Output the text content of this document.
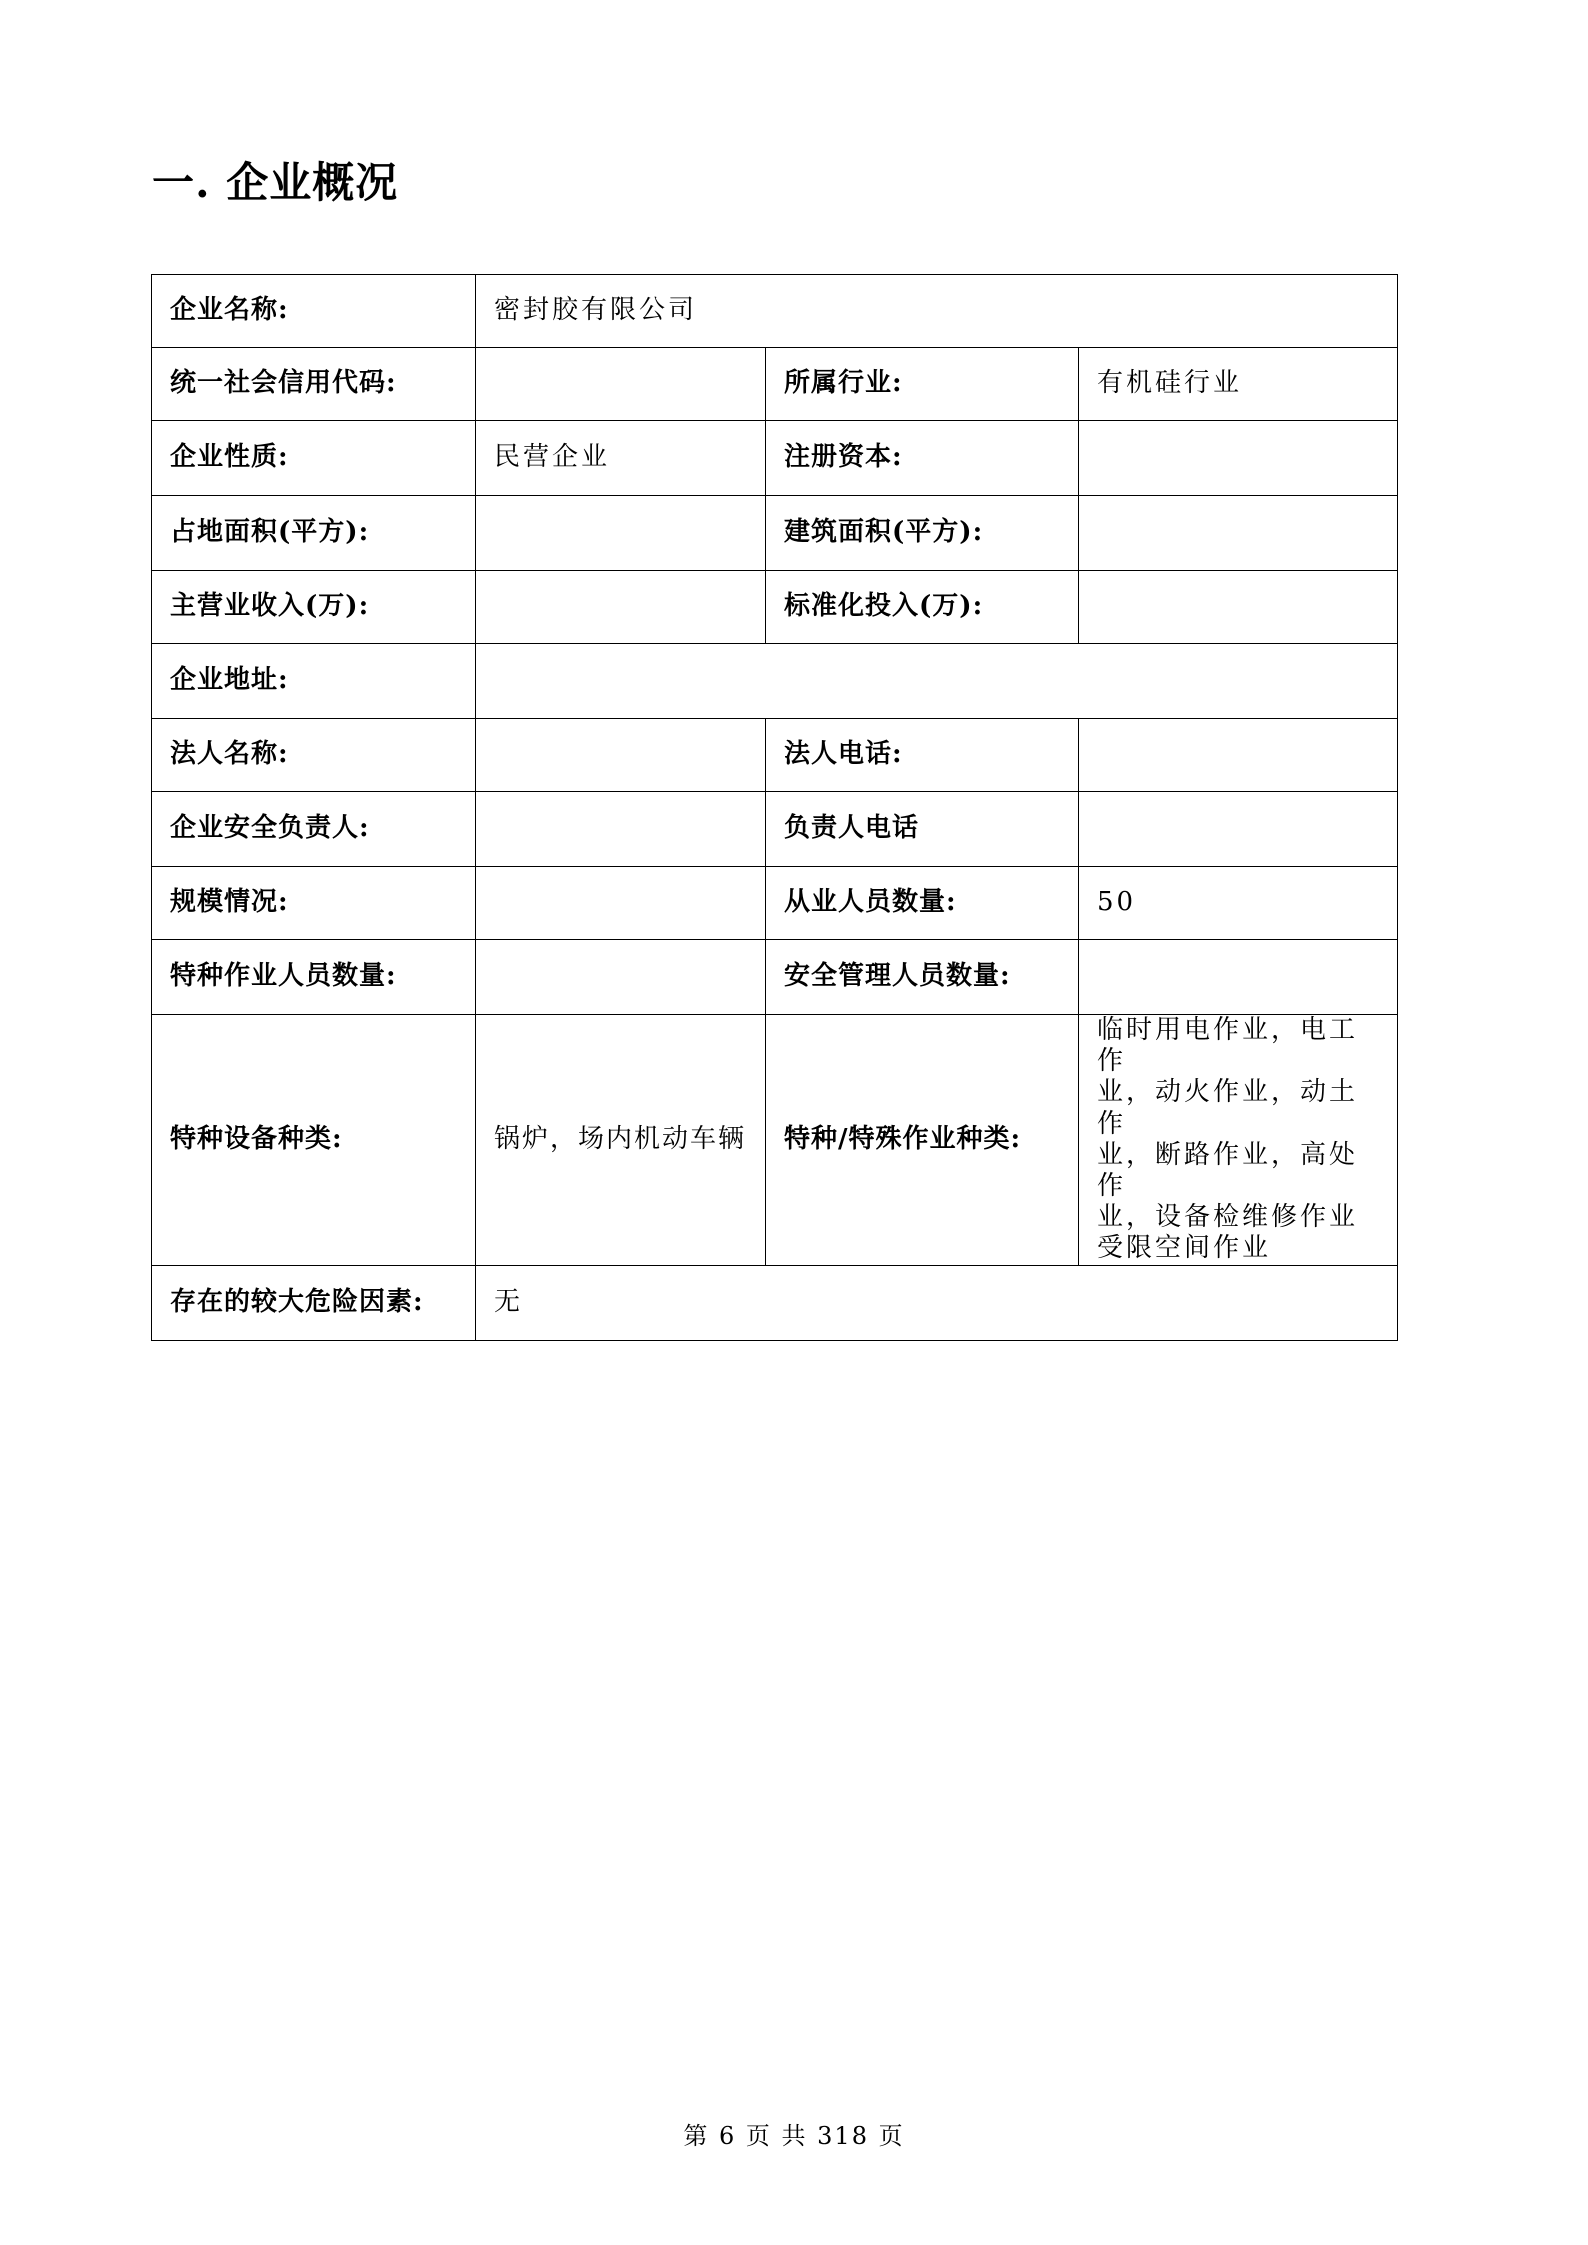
一. 企业概况
企业名称:	密封胶有限公司		
统一社会信用代码:		所属行业:	有机硅行业
企业性质:	民营企业	注册资本:	
占地面积(平方):		建筑面积(平方):	
主营业收入(万):		标准化投入(万):	
企业地址:			
法人名称:		法人电话:	
企业安全负责人:		负责人电话	
规模情况:		从业人员数量:	50
特种作业人员数量:		安全管理人员数量:	
特种设备种类:	锅炉，场内机动车辆	特种/特殊作业种类:	临时用电作业，电工作
业，动火作业，动土作
业，断路作业，高处作
业，设备检维修作业
受限空间作业

存在的较大危险因素:	无		
第 6 页 共 318 页
